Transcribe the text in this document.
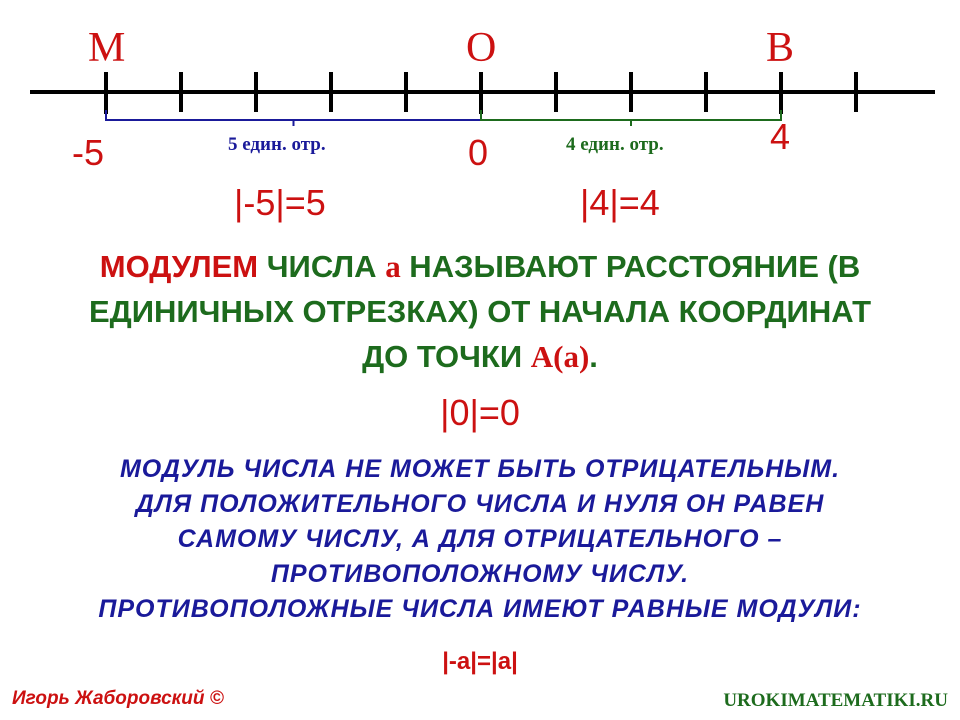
M	O	B
-5	0	4
5 един. отр.	4 един. отр.
|-5|=5	|4|=4
МОДУЛЕМ ЧИСЛА а НАЗЫВАЮТ РАССТОЯНИЕ (В
ЕДИНИЧНЫХ ОТРЕЗКАХ) ОТ НАЧАЛА КООРДИНАТ
ДО ТОЧКИ А(а).
|0|=0
МОДУЛЬ ЧИСЛА НЕ МОЖЕТ БЫТЬ ОТРИЦАТЕЛЬНЫМ.
ДЛЯ ПОЛОЖИТЕЛЬНОГО ЧИСЛА И НУЛЯ ОН РАВЕН
САМОМУ ЧИСЛУ, А ДЛЯ ОТРИЦАТЕЛЬНОГО –
ПРОТИВОПОЛОЖНОМУ ЧИСЛУ.
ПРОТИВОПОЛОЖНЫЕ ЧИСЛА ИМЕЮТ РАВНЫЕ МОДУЛИ:
|-a|=|a|
Игорь Жаборовский ©	UROKIMATEMATIKI.RU
